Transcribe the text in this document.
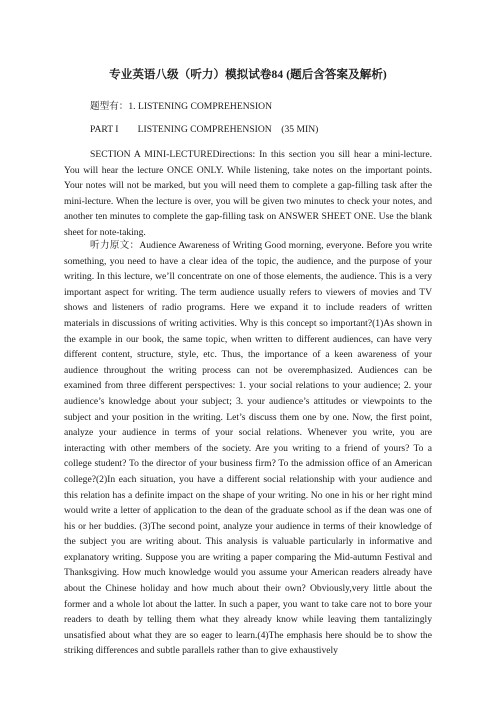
专业英语八级（听力）模拟试卷84 (题后含答案及解析)
题型有：1. LISTENING COMPREHENSION
PART I        LISTENING COMPREHENSION    (35 MIN)

SECTION A MINI-LECTUREDirections: In this section you sill hear a mini-lecture. You will hear the lecture ONCE ONLY. While listening, take notes on the important points. Your notes will not be marked, but you will need them to complete a gap-filling task after the mini-lecture. When the lecture is over, you will be given two minutes to check your notes, and another ten minutes to complete the gap-filling task on ANSWER SHEET ONE. Use the blank sheet for note-taking.

听力原文：Audience Awareness of Writing Good morning, everyone. Before you write something, you need to have a clear idea of the topic, the audience, and the purpose of your writing. In this lecture, we’ll concentrate on one of those elements, the audience. This is a very important aspect for writing. The term audience usually refers to viewers of movies and TV shows and listeners of radio programs. Here we expand it to include readers of written materials in discussions of writing activities. Why is this concept so important?(1)As shown in the example in our book, the same topic, when written to different audiences, can have very different content, structure, style, etc. Thus, the importance of a keen awareness of your audience throughout the writing process can not be overemphasized. Audiences can be examined from three different perspectives: 1. your social relations to your audience; 2. your audience’s knowledge about your subject; 3. your audience’s attitudes or viewpoints to the subject and your position in the writing. Let’s discuss them one by one. Now, the first point, analyze your audience in terms of your social relations. Whenever you write, you are interacting with other members of the society. Are you writing to a friend of yours? To a college student? To the director of your business firm? To the admission office of an American college?(2)In each situation, you have a different social relationship with your audience and this relation has a definite impact on the shape of your writing. No one in his or her right mind would write a letter of application to the dean of the graduate school as if the dean was one of his or her buddies. (3)The second point, analyze your audience in terms of their knowledge of the subject you are writing about. This analysis is valuable particularly in informative and explanatory writing. Suppose you are writing a paper comparing the Mid-autumn Festival and Thanksgiving. How much knowledge would you assume your American readers already have about the Chinese holiday and how much about their own? Obviously,very little about the former and a whole lot about the latter. In such a paper, you want to take care not to bore your readers to death by telling them what they already know while leaving them tantalizingly unsatisfied about what they are so eager to learn.(4)The emphasis here should be to show the striking differences and subtle parallels rather than to give exhaustively
